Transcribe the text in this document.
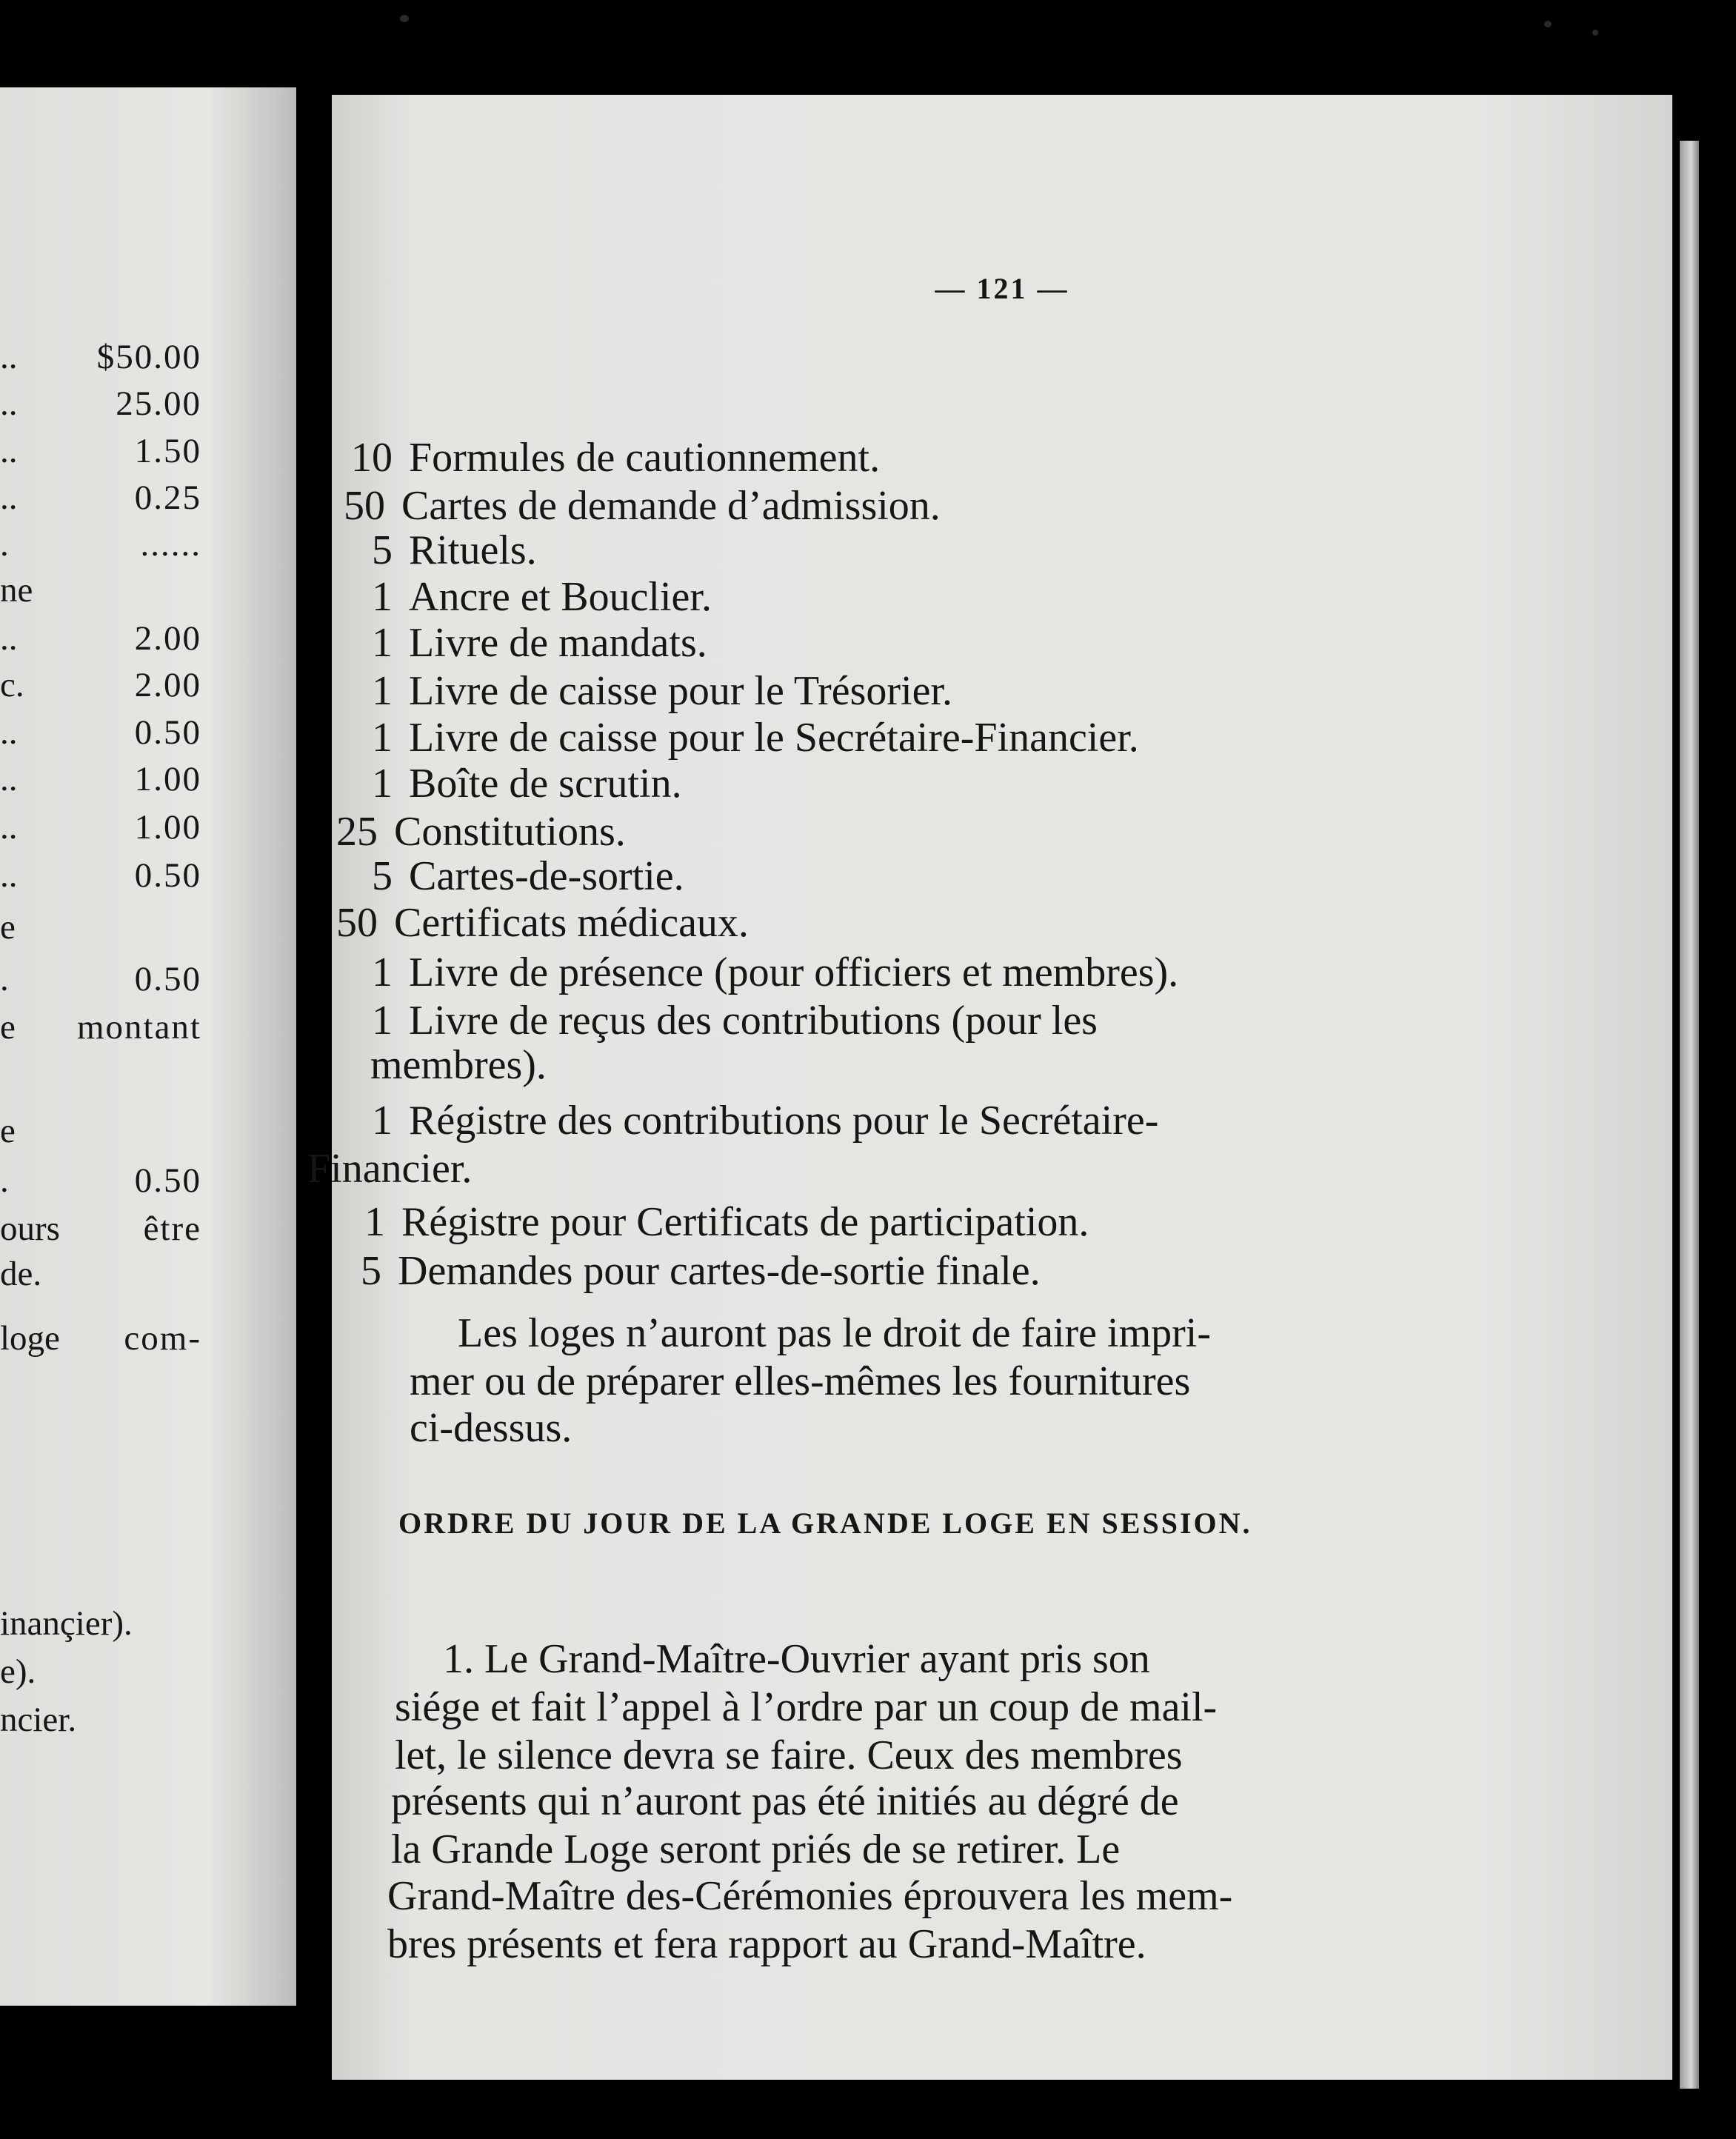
.. $50.00
..	25.00
..	1.50
..	0.25
.	......
ne
..	2.00
c.	2.00
..	0.50
..	1.00
..	1.00
..	0.50
e
.	0.50
e montant
e
.	0.50
ours être
de.
loge com-
inançier).
e).
ncier.
— 121 —
10 Formules de cautionnement.
50 Cartes de demande d’admission.
5 Rituels.
1 Ancre et Bouclier.
1 Livre de mandats.
1 Livre de caisse pour le Trésorier.
1 Livre de caisse pour le Secrétaire-Financier.
1 Boîte de scrutin.
25 Constitutions.
5 Cartes-de-sortie.
50 Certificats médicaux.
1 Livre de présence (pour officiers et membres).
1 Livre de reçus des contributions (pour les
membres).
1 Régistre des contributions pour le Secrétaire-
Financier.
1 Régistre pour Certificats de participation.
5 Demandes pour cartes-de-sortie finale.
Les loges n’auront pas le droit de faire impri-
mer ou de préparer elles-mêmes les fournitures
ci-dessus.
ORDRE DU JOUR DE LA GRANDE LOGE EN SESSION.
1. Le Grand-Maître-Ouvrier ayant pris son
siége et fait l’appel à l’ordre par un coup de mail-
let, le silence devra se faire. Ceux des membres
présents qui n’auront pas été initiés au dégré de
la Grande Loge seront priés de se retirer. Le
Grand-Maître des-Cérémonies éprouvera les mem-
bres présents et fera rapport au Grand-Maître.
